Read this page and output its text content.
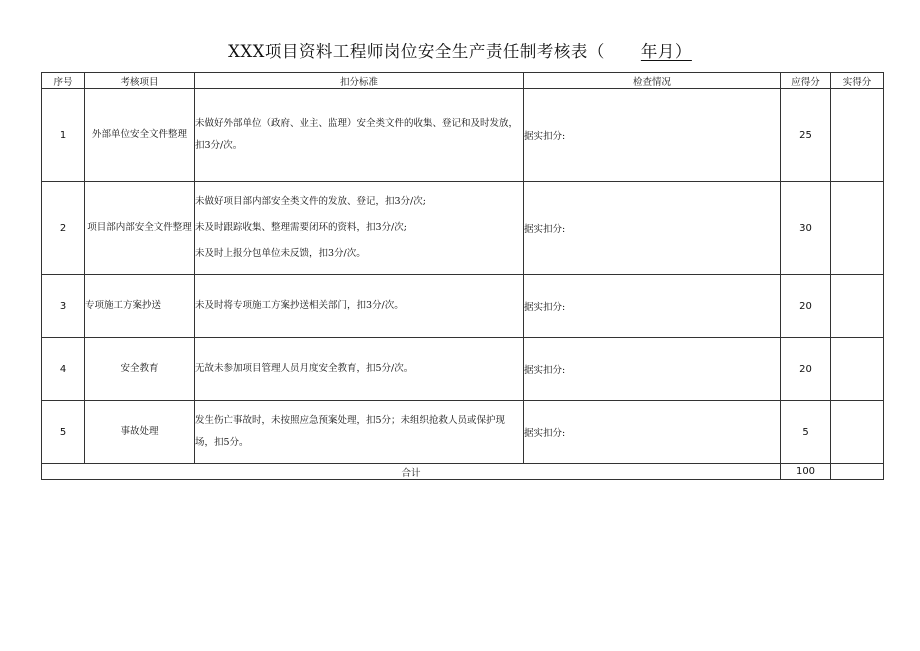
XXX项目资料工程师岗位安全生产责任制考核表（ 年月）
序号	考核项目	扣分标准	检查情况	应得分	实得分
1	外部单位安全文件整理	未做好外部单位（政府、业主、监理）安全类文件的收集、登记和及时发放，扣3分/次。	据实扣分:	25	
2	项目部内部安全文件整理	未做好项目部内部安全类文件的发放、登记，扣3分/次;
未及时跟踪收集、整理需要闭环的资料，扣3分/次;
未及时上报分包单位未反馈，扣3分/次。	据实扣分:	30	
3	专项施工方案抄送	未及时将专项施工方案抄送相关部门，扣3分/次。	据实扣分:	20	
4	安全教育	无故未参加项目管理人员月度安全教育，扣5分/次。	据实扣分:	20	
5	事故处理	发生伤亡事故时，未按照应急预案处理，扣5分；未组织抢救人员或保护现场，扣5分。	据实扣分:	5	
合计				100	
